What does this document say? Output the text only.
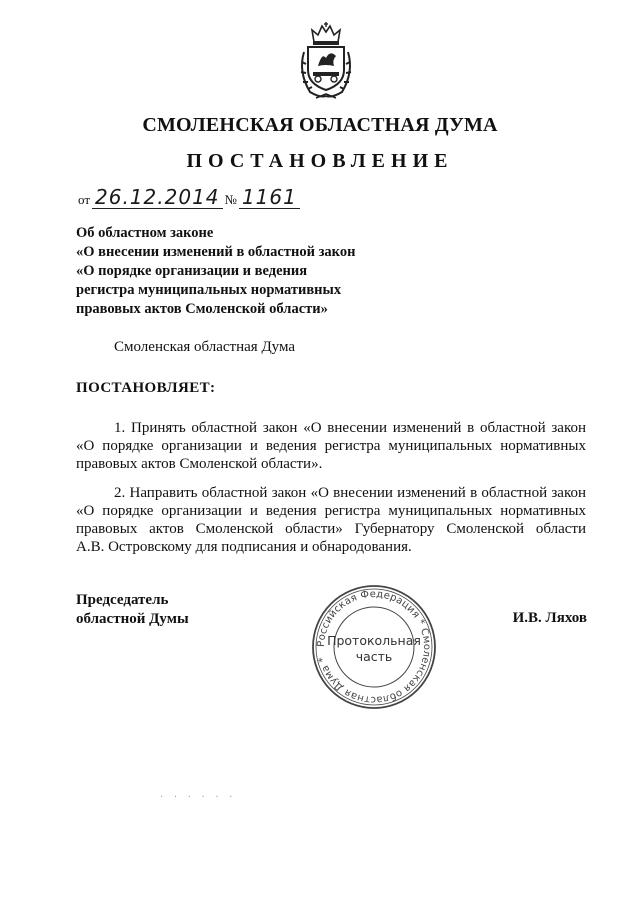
СМОЛЕНСКАЯ ОБЛАСТНАЯ ДУМА
ПОСТАНОВЛЕНИЕ
от 26.12.2014 № 1161
Об областном законе
«О внесении изменений в областной закон
«О порядке организации и ведения
регистра муниципальных нормативных
правовых актов Смоленской области»
Смоленская областная Дума
ПОСТАНОВЛЯЕТ:
1. Принять областной закон «О внесении изменений в областной закон
«О порядке организации и ведения регистра муниципальных нормативных
правовых актов Смоленской области».
2. Направить областной закон «О внесении изменений в областной закон
«О порядке организации и ведения регистра муниципальных нормативных
правовых актов Смоленской области» Губернатору Смоленской области
А.В. Островскому для подписания и обнародования.
Председатель
областной Думы
Российская Федерация * Смоленская областная Дума *
Протокольная
часть
И.В. Ляхов
· · · · · ·
